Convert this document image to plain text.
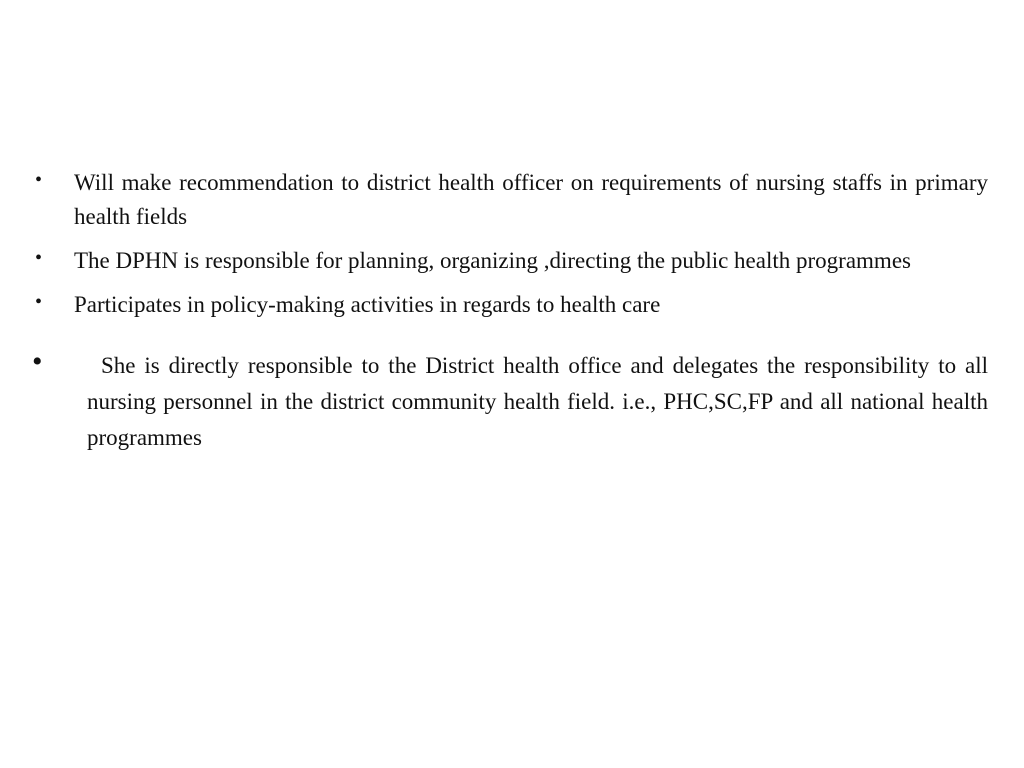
• Will make recommendation to district health officer on requirements of nursing staffs in primary health fields
• The DPHN is responsible for planning, organizing ,directing the public health programmes
• Participates in policy-making activities in regards to health care
•	She is directly responsible to the District health office and delegates the responsibility to all nursing personnel in the district community health field. i.e., PHC,SC,FP and all national health programmes
